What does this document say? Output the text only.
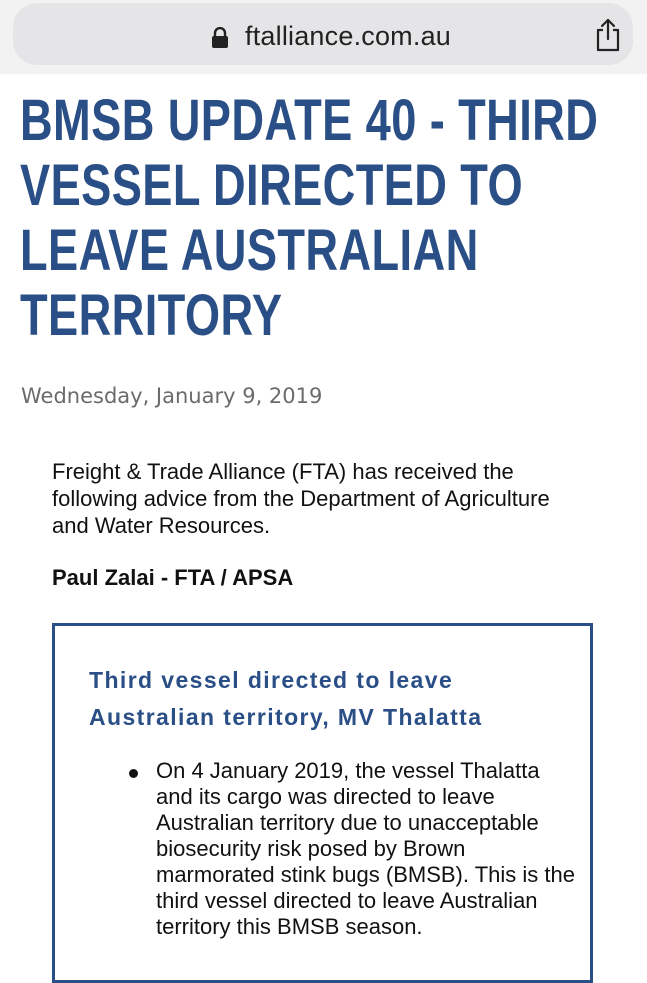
ftalliance.com.au
BMSB UPDATE 40 - THIRD VESSEL DIRECTED TO LEAVE AUSTRALIAN TERRITORY
Wednesday, January 9, 2019

Freight & Trade Alliance (FTA) has received the following advice from the Department of Agriculture and Water Resources.

Paul Zalai - FTA / APSA
Third vessel directed to leave Australian territory, MV Thalatta
On 4 January 2019, the vessel Thalatta and its cargo was directed to leave Australian territory due to unacceptable biosecurity risk posed by Brown marmorated stink bugs (BMSB). This is the third vessel directed to leave Australian territory this BMSB season.
